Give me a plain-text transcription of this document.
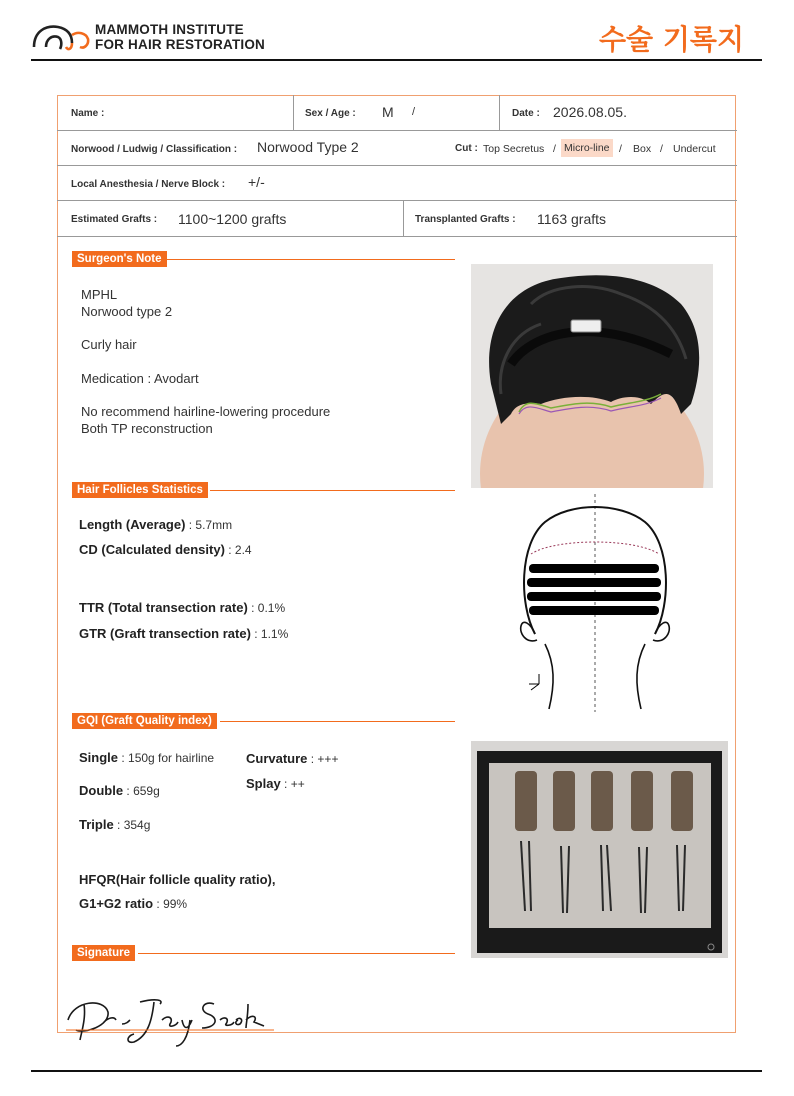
MAMMOTH INSTITUTE
FOR HAIR RESTORATION	수술 기록지
Name :	Sex / Age : M /	Date : 2026.08.05.
Norwood / Ludwig / Classification : Norwood Type 2	Cut : Top Secretus / Micro-line / Box / Undercut
Local Anesthesia / Nerve Block : +/-
Estimated Grafts : 1100~1200 grafts	Transplanted Grafts : 1163 grafts
Surgeon's Note
MPHL
Norwood type 2
Curly hair
Medication : Avodart
No recommend hairline-lowering procedure
Both TP reconstruction
Hair Follicles Statistics
Length (Average) : 5.7mm
CD (Calculated density) : 2.4
TTR (Total transection rate) : 0.1%
GTR (Graft transection rate) : 1.1%
GQI (Graft Quality index)
Single : 150g for hairline
Double : 659g
Triple : 354g
Curvature : +++
Splay : ++
HFQR(Hair follicle quality ratio),
G1+G2 ratio : 99%
Signature
